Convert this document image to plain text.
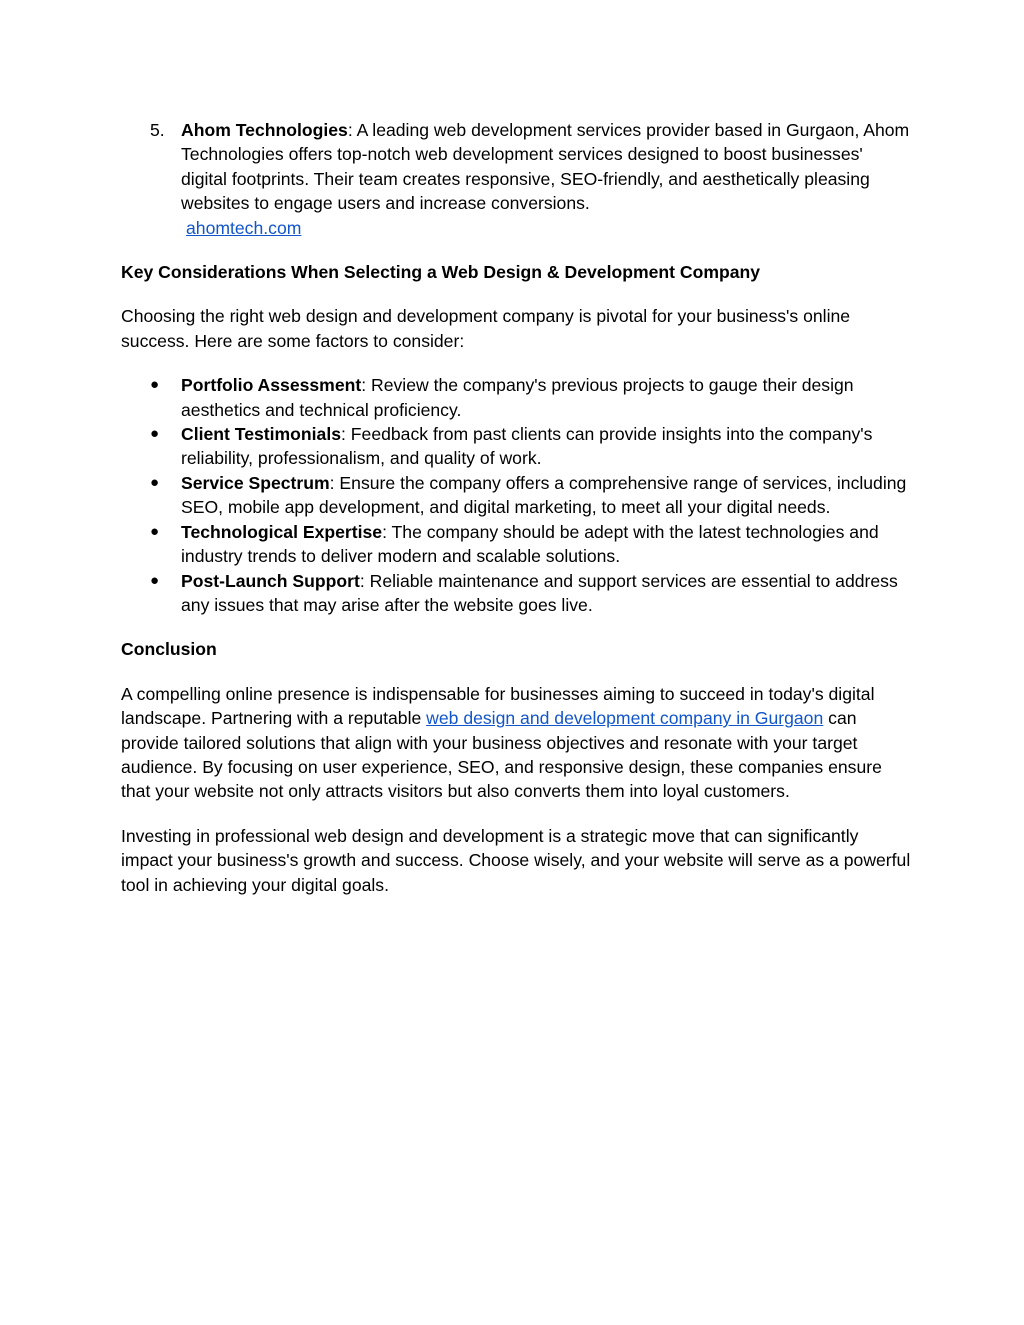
5. Ahom Technologies: A leading web development services provider based in Gurgaon, Ahom Technologies offers top-notch web development services designed to boost businesses' digital footprints. Their team creates responsive, SEO-friendly, and aesthetically pleasing websites to engage users and increase conversions.
ahomtech.com
Key Considerations When Selecting a Web Design & Development Company

Choosing the right web design and development company is pivotal for your business's online success. Here are some factors to consider:

● Portfolio Assessment: Review the company's previous projects to gauge their design aesthetics and technical proficiency.
● Client Testimonials: Feedback from past clients can provide insights into the company's reliability, professionalism, and quality of work.
● Service Spectrum: Ensure the company offers a comprehensive range of services, including SEO, mobile app development, and digital marketing, to meet all your digital needs.
● Technological Expertise: The company should be adept with the latest technologies and industry trends to deliver modern and scalable solutions.
● Post-Launch Support: Reliable maintenance and support services are essential to address any issues that may arise after the website goes live.
Conclusion

A compelling online presence is indispensable for businesses aiming to succeed in today's digital landscape. Partnering with a reputable web design and development company in Gurgaon can provide tailored solutions that align with your business objectives and resonate with your target audience. By focusing on user experience, SEO, and responsive design, these companies ensure that your website not only attracts visitors but also converts them into loyal customers.

Investing in professional web design and development is a strategic move that can significantly impact your business's growth and success. Choose wisely, and your website will serve as a powerful tool in achieving your digital goals.
